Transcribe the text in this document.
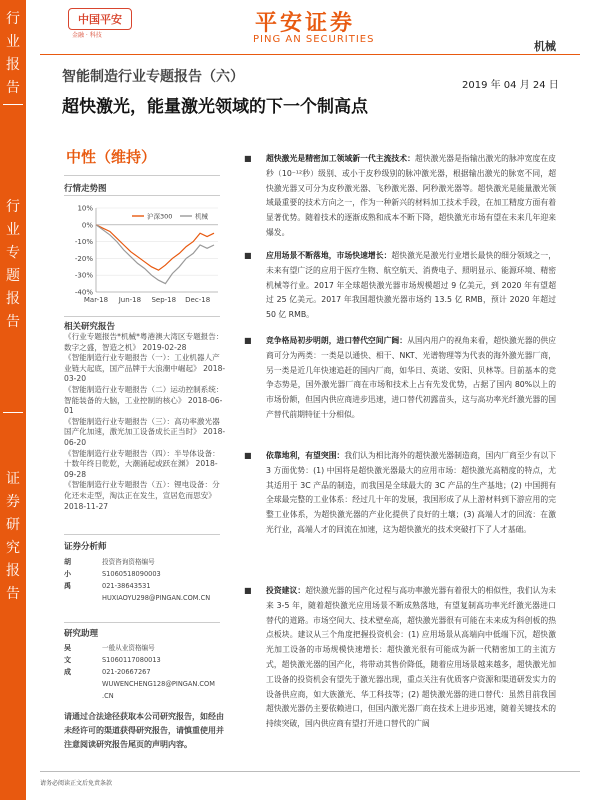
行
业
报
告
行
业
专
题
报
告
证
券
研
究
报
告
中国平安
金融 · 科技	平安证券
PING AN SECURITIES
机械
智能制造行业专题报告（六）
2019 年 04 月 24 日
超快激光，能量激光领域的下一个制高点
中性（维持）
行情走势图
10%
0%
-10%
-20%
-30%
-40%
Mar-18 Jun-18 Sep-18 Dec-18
沪深300	机械
相关研究报告

《行业专题报告*机械*粤港澳大湾区专题报告：数字之盛，智造之机》 2019-02-28
《智能制造行业专题报告（一）：工业机器人产业链大起底，国产品牌于大浪潮中崛起》 2018-03-20
《智能制造行业专题报告（二）运动控制系统：智能装备的大脑，工业控制的核心》 2018-06-01
《智能制造行业专题报告（三）：高功率激光器国产化加速，激光加工设备成长正当时》 2018-06-20
《智能制造行业专题报告（四）：半导体设备：十数年终日乾乾，大潮涌起或跃在渊》 2018-09-28
《智能制造行业专题报告（五）：锂电设备：分化还未走型，淘汰正在发生，宣居危而思安》 2018-11-27

证券分析师
胡小禹
投资咨询资格编号
S1060518090003
021-38643531
HUXIAOYU298@PINGAN.COM.CN
研究助理
吴文成
一般从业资格编号
S1060117080013
021-20667267
WUWENCHENG128@PINGAN.COM
.CN
请通过合法途径获取本公司研究报告，如经由未经许可的渠道获得研究报告，请慎重使用并注意阅读研究报告尾页的声明内容。
请务必阅读正文后免责条款
■	超快激光是精密加工领域新一代主流技术：超快激光器是指输出激光的脉冲宽度在皮秒（10⁻¹²秒）级别、或小于皮秒级别的脉冲激光器，根据输出激光的脉宽不同，超快激光器又可分为皮秒激光器、飞秒激光器、阿秒激光器等。超快激光是能量激光领域最重要的技术方向之一，作为一种新兴的材料加工技术手段，在加工精度方面有着显著优势。随着技术的逐渐成熟和成本不断下降，超快激光市场有望在未来几年迎来爆发。
■	应用场景不断落地，市场快速增长：超快激光是激光行业增长最快的细分领域之一，未来有望广泛的应用于医疗生物、航空航天、消费电子、照明显示、能源环境、精密机械等行业。2017 年全球超快激光器市场规模超过 9 亿美元，到 2020 年有望超过 25 亿美元。2017 年我国超快激光器市场约 13.5 亿 RMB，预计 2020 年超过 50 亿 RMB。
■	竞争格局初步明朗，进口替代空间广阔：从国内用户的视角来看，超快激光器的供应商可分为两类：一类是以通快、相干、NKT、光谱物理等为代表的海外激光器厂商，另一类是近几年快速追赶的国内厂商，如华日、英诺、安阳、贝林等。目前基本的竞争态势是，国外激光器厂商在市场和技术上占有先发优势，占据了国内 80%以上的市场份额，但国内供应商进步迅速，进口替代初露苗头，这与高功率光纤激光器的国产替代前期特征十分相似。
■	依靠地利，有望突围：我们认为相比海外的超快激光器制造商，国内厂商至少有以下 3 方面优势：(1) 中国将是超快激光器最大的应用市场：超快激光高精度的特点，尤其适用于 3C 产品的制造，而我国是全球最大的 3C 产品的生产基地；(2) 中国拥有全球最完整的工业体系：经过几十年的发展，我国形成了从上游材料到下游应用的完整工业体系，为超快激光器的产业化提供了良好的土壤；(3) 高端人才的回流：在激光行业，高端人才的回流在加速，这为超快激光的技术突破打下了人才基础。
■	投资建议：超快激光器的国产化过程与高功率激光器有着很大的相似性，我们认为未来 3-5 年，随着超快激光应用场景不断成熟落地，有望复制高功率光纤激光器进口替代的道路。市场空间大、技术壁垒高，超快激光器很有可能在未来成为科创板的热点板块。建议从三个角度把握投资机会：(1) 应用场景从高端向中低端下沉，超快激光加工设备的市场规模快速增长：超快激光很有可能成为新一代精密加工的主流方式，超快激光器的国产化，将带动其售价降低，随着应用场景越来越多，超快激光加工设备的投资机会有望先于激光器出现，重点关注有优质客户资源和渠道研发实力的设备供应商，如大族激光、华工科技等；(2) 超快激光器的进口替代：虽然目前我国超快激光器仍主要依赖进口，但国内激光器厂商在技术上进步迅速，随着关键技术的持续突破，国内供应商有望打开进口替代的广阔
